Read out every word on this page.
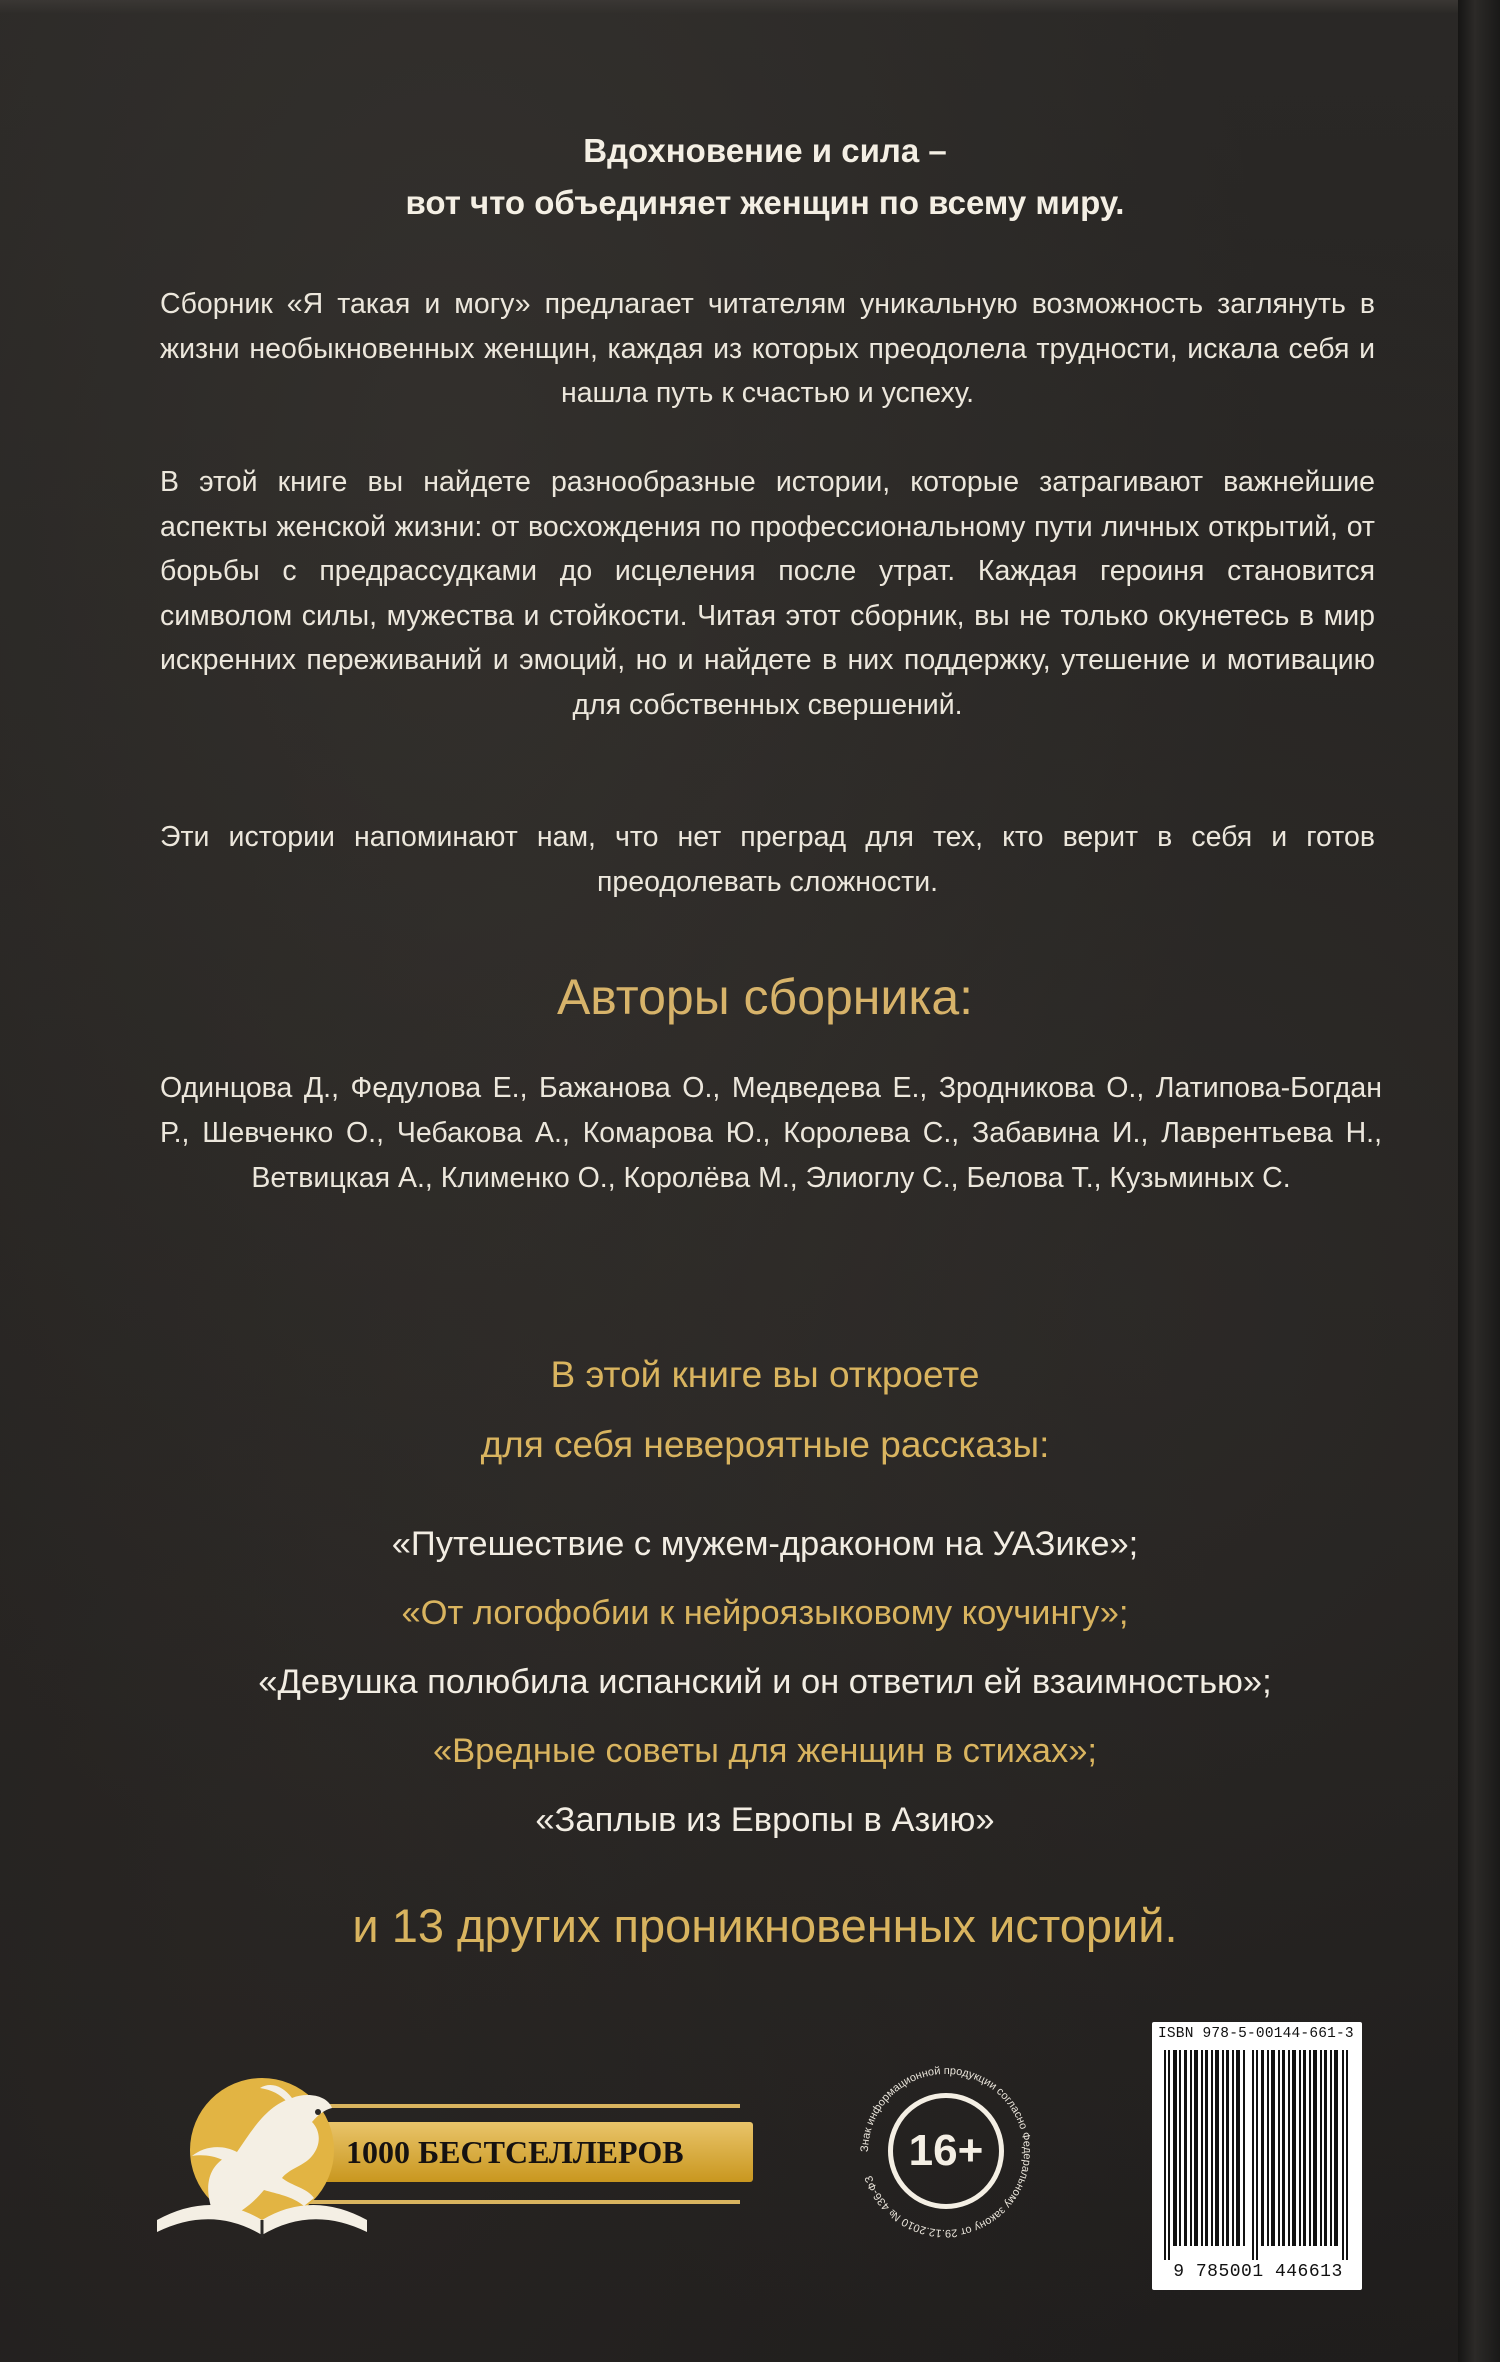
Вдохновение и сила –
вот что объединяет женщин по всему миру.

Сборник «Я такая и могу» предлагает читателям уникальную возможность заглянуть в жизни необыкновенных женщин, каждая из которых преодолела трудности, искала себя и нашла путь к счастью и успеху.

В этой книге вы найдете разнообразные истории, которые затрагивают важнейшие аспекты женской жизни: от восхождения по профессиональному пути личных открытий, от борьбы с предрассудками до исцеления после утрат. Каждая героиня становится символом силы, мужества и стойкости. Читая этот сборник, вы не только окунетесь в мир искренних переживаний и эмоций, но и найдете в них поддержку, утешение и мотивацию для собственных свершений.

Эти истории напоминают нам, что нет преград для тех, кто верит в себя и готов преодолевать сложности.

Авторы сборника:

Одинцова Д., Федулова Е., Бажанова О., Медведева Е., Зродникова О., Латипова-Богдан Р., Шевченко О., Чебакова А., Комарова Ю., Королева С., Забавина И., Лаврентьева Н., Ветвицкая А., Клименко О., Королёва М., Элиоглу С., Белова Т., Кузьминых С.

В этой книге вы откроете
для себя невероятные рассказы:
«Путешествие с мужем-драконом на УАЗике»;
«От логофобии к нейроязыковому коучингу»;
«Девушка полюбила испанский и он ответил ей взаимностью»;
«Вредные советы для женщин в стихах»;
«Заплыв из Европы в Азию»
и 13 других проникновенных историй.
1000 БЕСТСЕЛЛЕРОВ	Знак информационной продукции согласно Федеральному закону от 29.12.2010 № 436-ФЗ
16+
ISBN 978-5-00144-661-3
9 785001 446613
